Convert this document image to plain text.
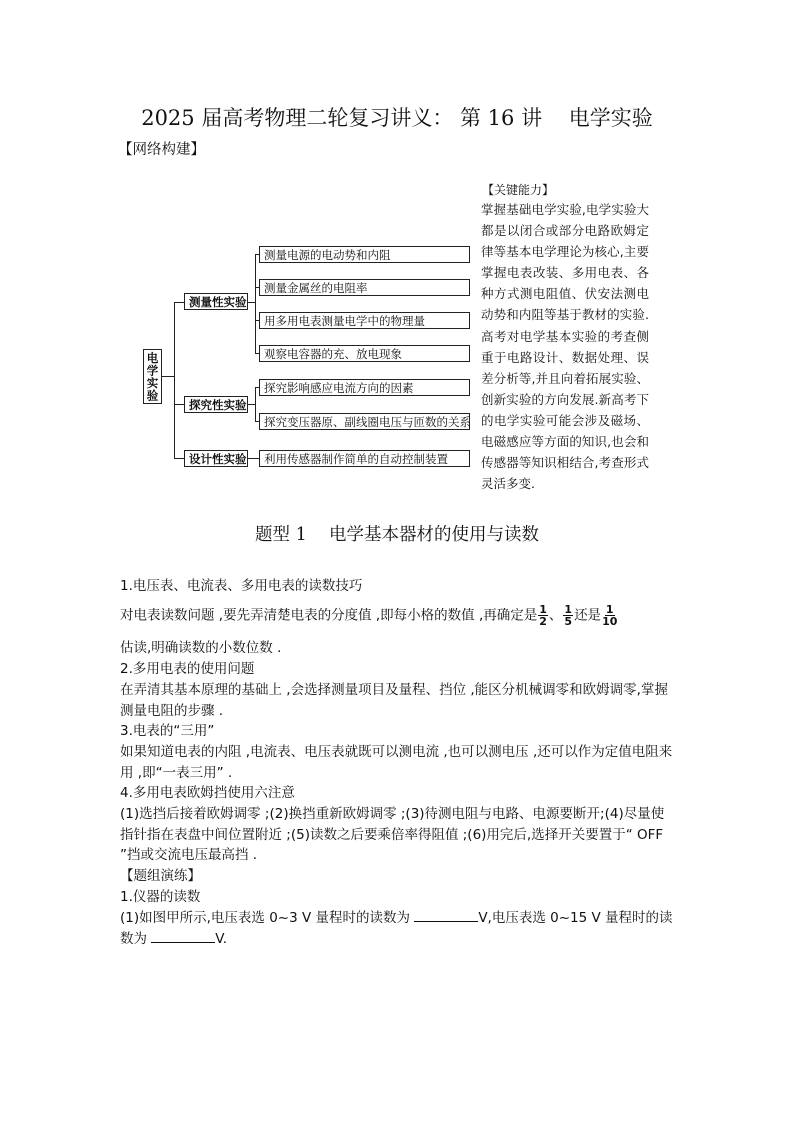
2025 届高考物理二轮复习讲义： 第 16 讲    电学实验
【网络构建】
电学实验
测量性实验
探究性实验
设计性实验
测量电源的电动势和内阻
测量金属丝的电阻率
用多用电表测量电学中的物理量
观察电容器的充、放电现象
探究影响感应电流方向的因素
探究变压器原、副线圈电压与匝数的关系
利用传感器制作简单的自动控制装置
【关键能力】
掌握基础电学实验,电学实验大都是以闭合或部分电路欧姆定律等基本电学理论为核心,主要掌握电表改装、多用电表、各种方式测电阻值、伏安法测电动势和内阻等基于教材的实验.高考对电学基本实验的考查侧重于电路设计、数据处理、误差分析等,并且向着拓展实验、创新实验的方向发展.新高考下的电学实验可能会涉及磁场、电磁感应等方面的知识,也会和传感器等知识相结合,考查形式灵活多变.
题型 1    电学基本器材的使用与读数
1.电压表、电流表、多用电表的读数技巧
对电表读数问题 ,要先弄清楚电表的分度值 ,即每小格的数值 ,再确定是 $\frac{1}{2}$ 、 $\frac{1}{5}$ 还是 $\frac{1}{10}$
估读,明确读数的小数位数 .
2.多用电表的使用问题
在弄清其基本原理的基础上 ,会选择测量项目及量程、挡位 ,能区分机械调零和欧姆调零,掌握测量电阻的步骤 .
3.电表的“三用”
如果知道电表的内阻 ,电流表、电压表就既可以测电流 ,也可以测电压 ,还可以作为定值电阻来用 ,即“一表三用” .
4.多用电表欧姆挡使用六注意
(1)选挡后接着欧姆调零 ;(2)换挡重新欧姆调零 ;(3)待测电阻与电路、电源要断开;(4)尽量使指针指在表盘中间位置附近 ;(5)读数之后要乘倍率得阻值 ;(6)用完后,选择开关要置于“ OFF ”挡或交流电压最高挡 .
【题组演练】
1.仪器的读数
(1)如图甲所示,电压表选 0~3 V 量程时的读数为	V,电压表选 0~15 V 量程时的读数为	V.
